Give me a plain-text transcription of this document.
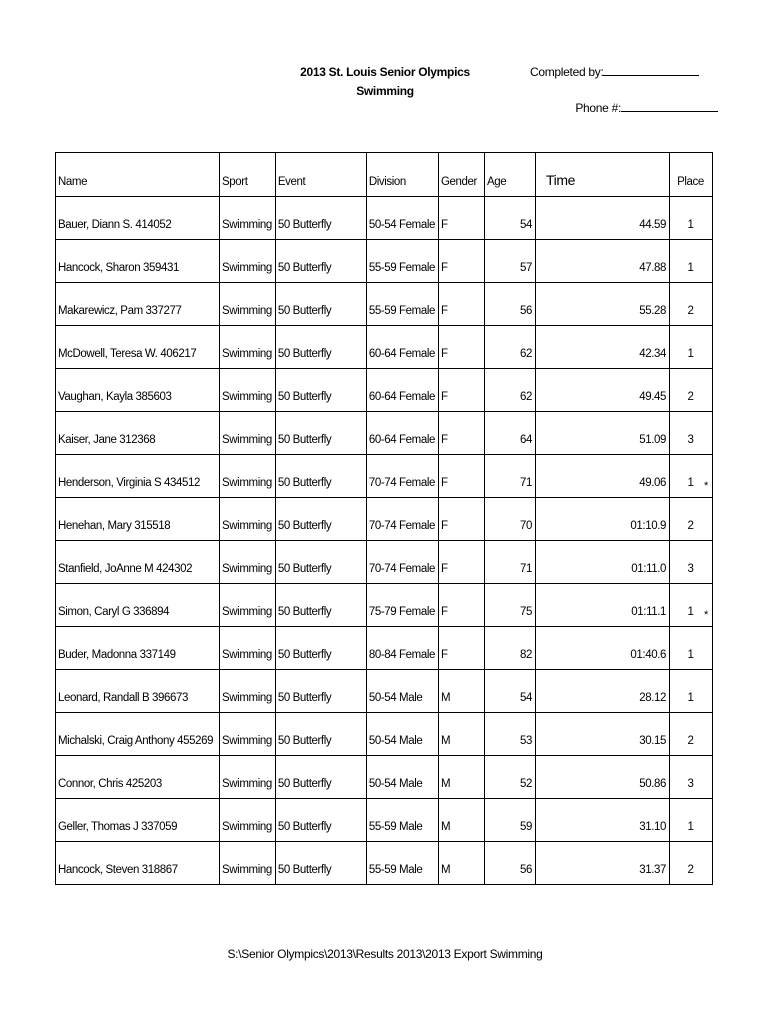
2013 St. Louis Senior Olympics
Swimming
Completed by:
Phone #:
Name	Sport	Event	Division	Gender	Age	Time	Place
Bauer, Diann S. 414052	Swimming	50 Butterfly	50-54 Female	F	54	44.59	1
Hancock, Sharon 359431	Swimming	50 Butterfly	55-59 Female	F	57	47.88	1
Makarewicz, Pam 337277	Swimming	50 Butterfly	55-59 Female	F	56	55.28	2
McDowell, Teresa W. 406217	Swimming	50 Butterfly	60-64 Female	F	62	42.34	1
Vaughan, Kayla 385603	Swimming	50 Butterfly	60-64 Female	F	62	49.45	2
Kaiser, Jane 312368	Swimming	50 Butterfly	60-64 Female	F	64	51.09	3
Henderson, Virginia S 434512	Swimming	50 Butterfly	70-74 Female	F	71	49.06	1
Henehan, Mary 315518	Swimming	50 Butterfly	70-74 Female	F	70	01:10.9	2
Stanfield, JoAnne M 424302	Swimming	50 Butterfly	70-74 Female	F	71	01:11.0	3
Simon, Caryl G 336894	Swimming	50 Butterfly	75-79 Female	F	75	01:11.1	1
Buder, Madonna 337149	Swimming	50 Butterfly	80-84 Female	F	82	01:40.6	1
Leonard, Randall B 396673	Swimming	50 Butterfly	50-54 Male	M	54	28.12	1
Michalski, Craig Anthony 455269	Swimming	50 Butterfly	50-54 Male	M	53	30.15	2
Connor, Chris 425203	Swimming	50 Butterfly	50-54 Male	M	52	50.86	3
Geller, Thomas J 337059	Swimming	50 Butterfly	55-59 Male	M	59	31.10	1
Hancock, Steven 318867	Swimming	50 Butterfly	55-59 Male	M	56	31.37	2
*
*
S:\Senior Olympics\2013\Results 2013\2013 Export Swimming
